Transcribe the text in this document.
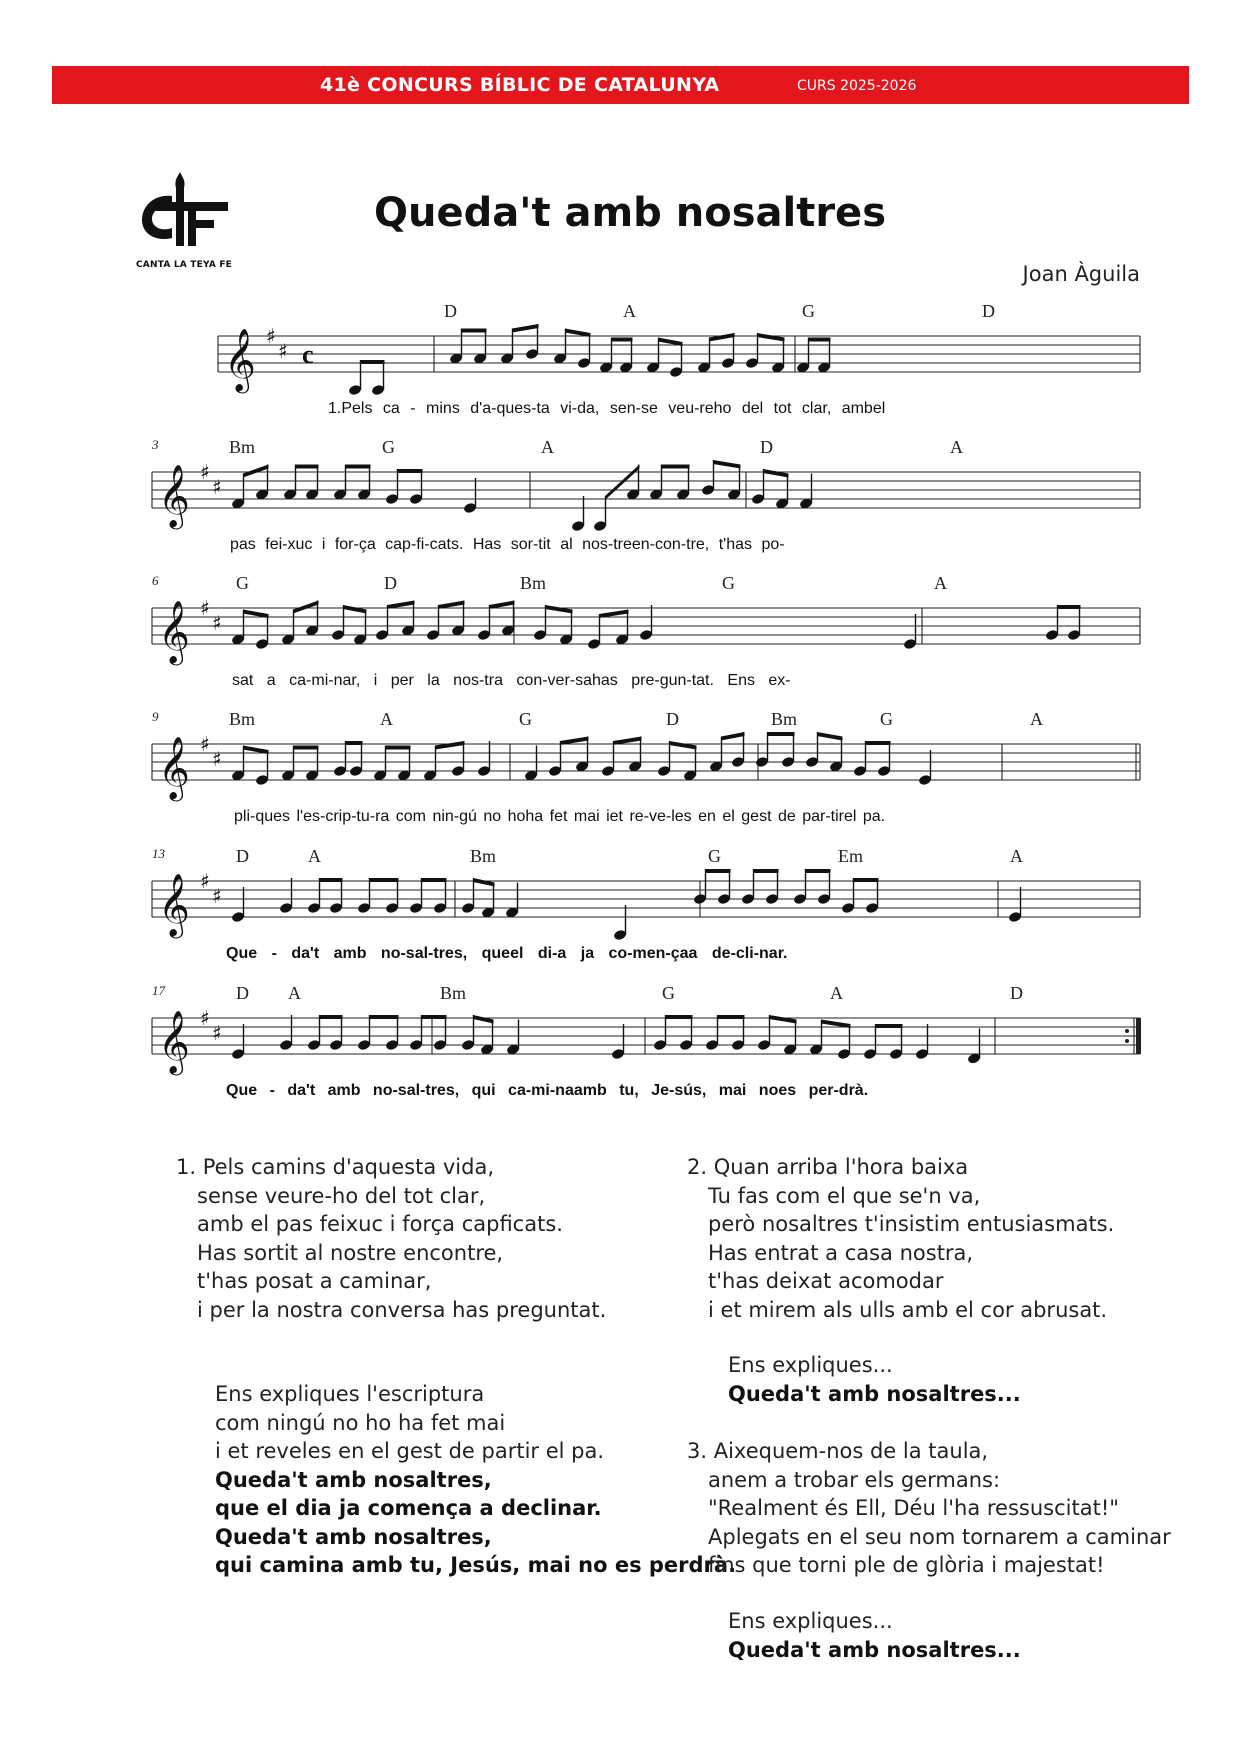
41è CONCURS BÍBLIC DE CATALUNYA	CURS 2025-2026
CANTA LA TEYA FE
Queda't amb nosaltres
Joan Àguila
𝄞
𝄞
𝄞
𝄞
𝄞
𝄞
♯
♯
♯
♯
♯
♯
♯
♯
♯
♯
♯
♯
c
3
6
9
13
17
D	A	G	D
Bm	G	A	D	A
G	D	Bm	G	A
Bm	A	G	D	Bm	G	A
D	A	Bm	G	Em	A
D A	Bm	G	A	D
1.Pels ca - mins d'a-ques-ta vi-da, sen-se veu-reho del tot clar, ambel
pas fei-xuc i for-ça cap-fi-cats. Has sor-tit al nos-treen-con-tre, t'has po-
sat a ca-mi-nar, i per la nos-tra con-ver-sahas pre-gun-tat. Ens ex-
pli-ques l'es-crip-tu-ra com nin-gú no hoha fet mai iet re-ve-les en el gest de par-tirel pa.
Que - da't amb no-sal-tres, queel di-a ja co-men-çaa de-cli-nar.
Que - da't amb no-sal-tres, qui ca-mi-naamb tu, Je-sús, mai noes per-drà.
1. Pels camins d'aquesta vida,
sense veure-ho del tot clar,
amb el pas feixuc i força capficats.
Has sortit al nostre encontre,
t'has posat a caminar,
i per la nostra conversa has preguntat.
Ens expliques l'escriptura
com ningú no ho ha fet mai
i et reveles en el gest de partir el pa.
Queda't amb nosaltres,
que el dia ja comença a declinar.
Queda't amb nosaltres,
qui camina amb tu, Jesús, mai no es perdrà.
2. Quan arriba l'hora baixa
Tu fas com el que se'n va,
però nosaltres t'insistim entusiasmats.
Has entrat a casa nostra,
t'has deixat acomodar
i et mirem als ulls amb el cor abrusat.
Ens expliques...
Queda't amb nosaltres...
3. Aixequem-nos de la taula,
anem a trobar els germans:
"Realment és Ell, Déu l'ha ressuscitat!"
Aplegats en el seu nom tornarem a caminar
fins que torni ple de glòria i majestat!
Ens expliques...
Queda't amb nosaltres...
